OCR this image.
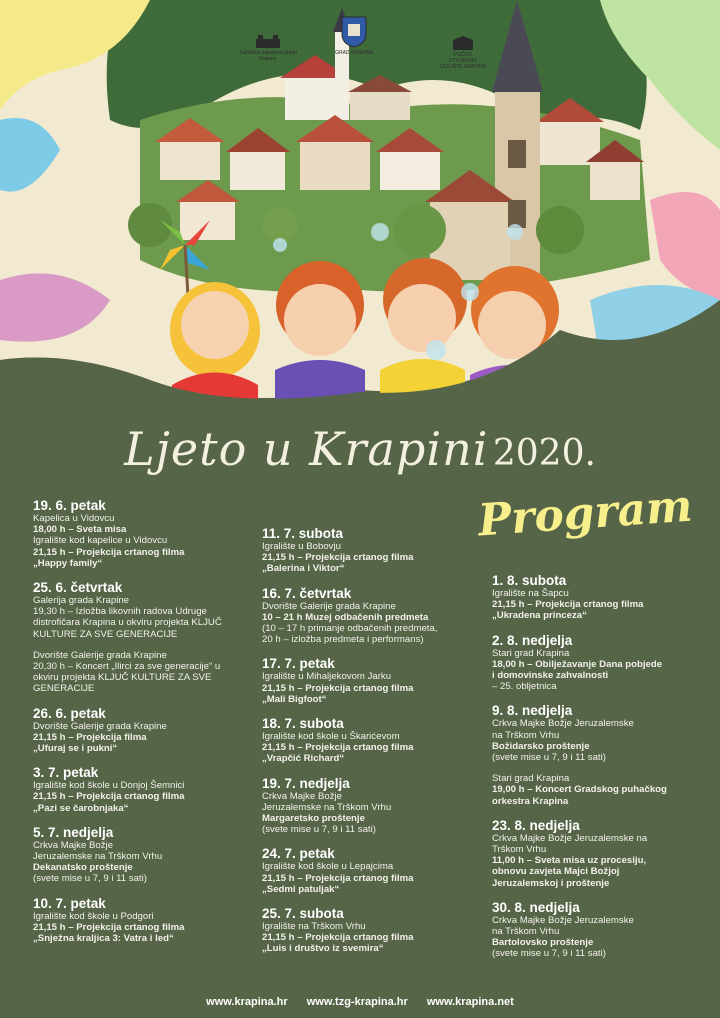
Turistička zajednica grada Krapine
GRAD KRAPINA	PUČKO OTVORENO UČILIŠTE KRAPINA
Ljeto u Krapini 2020.
Program
19. 6. petak
Kapelica u Vidovcu
18,00 h – Sveta misa
Igralište kod kapelice u Vidovcu
21,15 h – Projekcija crtanog filma
„Happy family“
25. 6. četvrtak
Galerija grada Krapine
19,30 h – Izložba likovnih radova Udruge distrofičara Krapina u okviru projekta KLJUČ KULTURE ZA SVE GENERACIJE
Dvorište Galerije grada Krapine
20,30 h – Koncert „Ilirci za sve generacije“ u okviru projekta KLJUČ KULTURE ZA SVE GENERACIJE
26. 6. petak
Dvorište Galerije grada Krapine
21,15 h – Projekcija filma
„Ufuraj se i pukni“
3. 7. petak
Igralište kod škole u Donjoj Šemnici
21,15 h – Projekcija crtanog filma
„Pazi se čarobnjaka“
5. 7. nedjelja
Crkva Majke Božje
Jeruzalemske na Trškom Vrhu
Dekanatsko proštenje
(svete mise u 7, 9 i 11 sati)
10. 7. petak
Igralište kod škole u Podgori
21,15 h – Projekcija crtanog filma
„Snježna kraljica 3: Vatra i led“
11. 7. subota
Igralište u Bobovju
21,15 h – Projekcija crtanog filma
„Balerina i Viktor“
16. 7. četvrtak
Dvorište Galerije grada Krapine
10 – 21 h Muzej odbačenih predmeta
(10 – 17 h primanje odbačenih predmeta,
20 h – izložba predmeta i performans)
17. 7. petak
Igralište u Mihaljekovom Jarku
21,15 h – Projekcija crtanog filma
„Mali Bigfoot“
18. 7. subota
Igralište kod škole u Škarićevom
21,15 h – Projekcija crtanog filma
„Vrapčić Richard“
19. 7. nedjelja
Crkva Majke Božje
Jeruzalemske na Trškom Vrhu
Margaretsko proštenje
(svete mise u 7, 9 i 11 sati)
24. 7. petak
Igralište kod škole u Lepajcima
21,15 h – Projekcija crtanog filma
„Sedmi patuljak“
25. 7. subota
Igralište na Trškom Vrhu
21,15 h – Projekcija crtanog filma
„Luis i društvo iz svemira“
1. 8. subota
Igralište na Šapcu
21,15 h – Projekcija crtanog filma
„Ukradena princeza“
2. 8. nedjelja
Stari grad Krapina
18,00 h – Obilježavanje Dana pobjede
i domovinske zahvalnosti
– 25. obljetnica
9. 8. nedjelja
Crkva Majke Božje Jeruzalemske
na Trškom Vrhu
Božidarsko proštenje
(svete mise u 7, 9 i 11 sati)
Stari grad Krapina
19,00 h – Koncert Gradskog puhačkog
orkestra Krapina
23. 8. nedjelja
Crkva Majke Božje Jeruzalemske na
Trškom Vrhu
11,00 h – Sveta misa uz procesiju,
obnovu zavjeta Majci Božjoj
Jeruzalemskoj i proštenje
30. 8. nedjelja
Crkva Majke Božje Jeruzalemske
na Trškom Vrhu
Bartolovsko proštenje
(svete mise u 7, 9 i 11 sati)
www.krapina.hr www.tzg-krapina.hr www.krapina.net
